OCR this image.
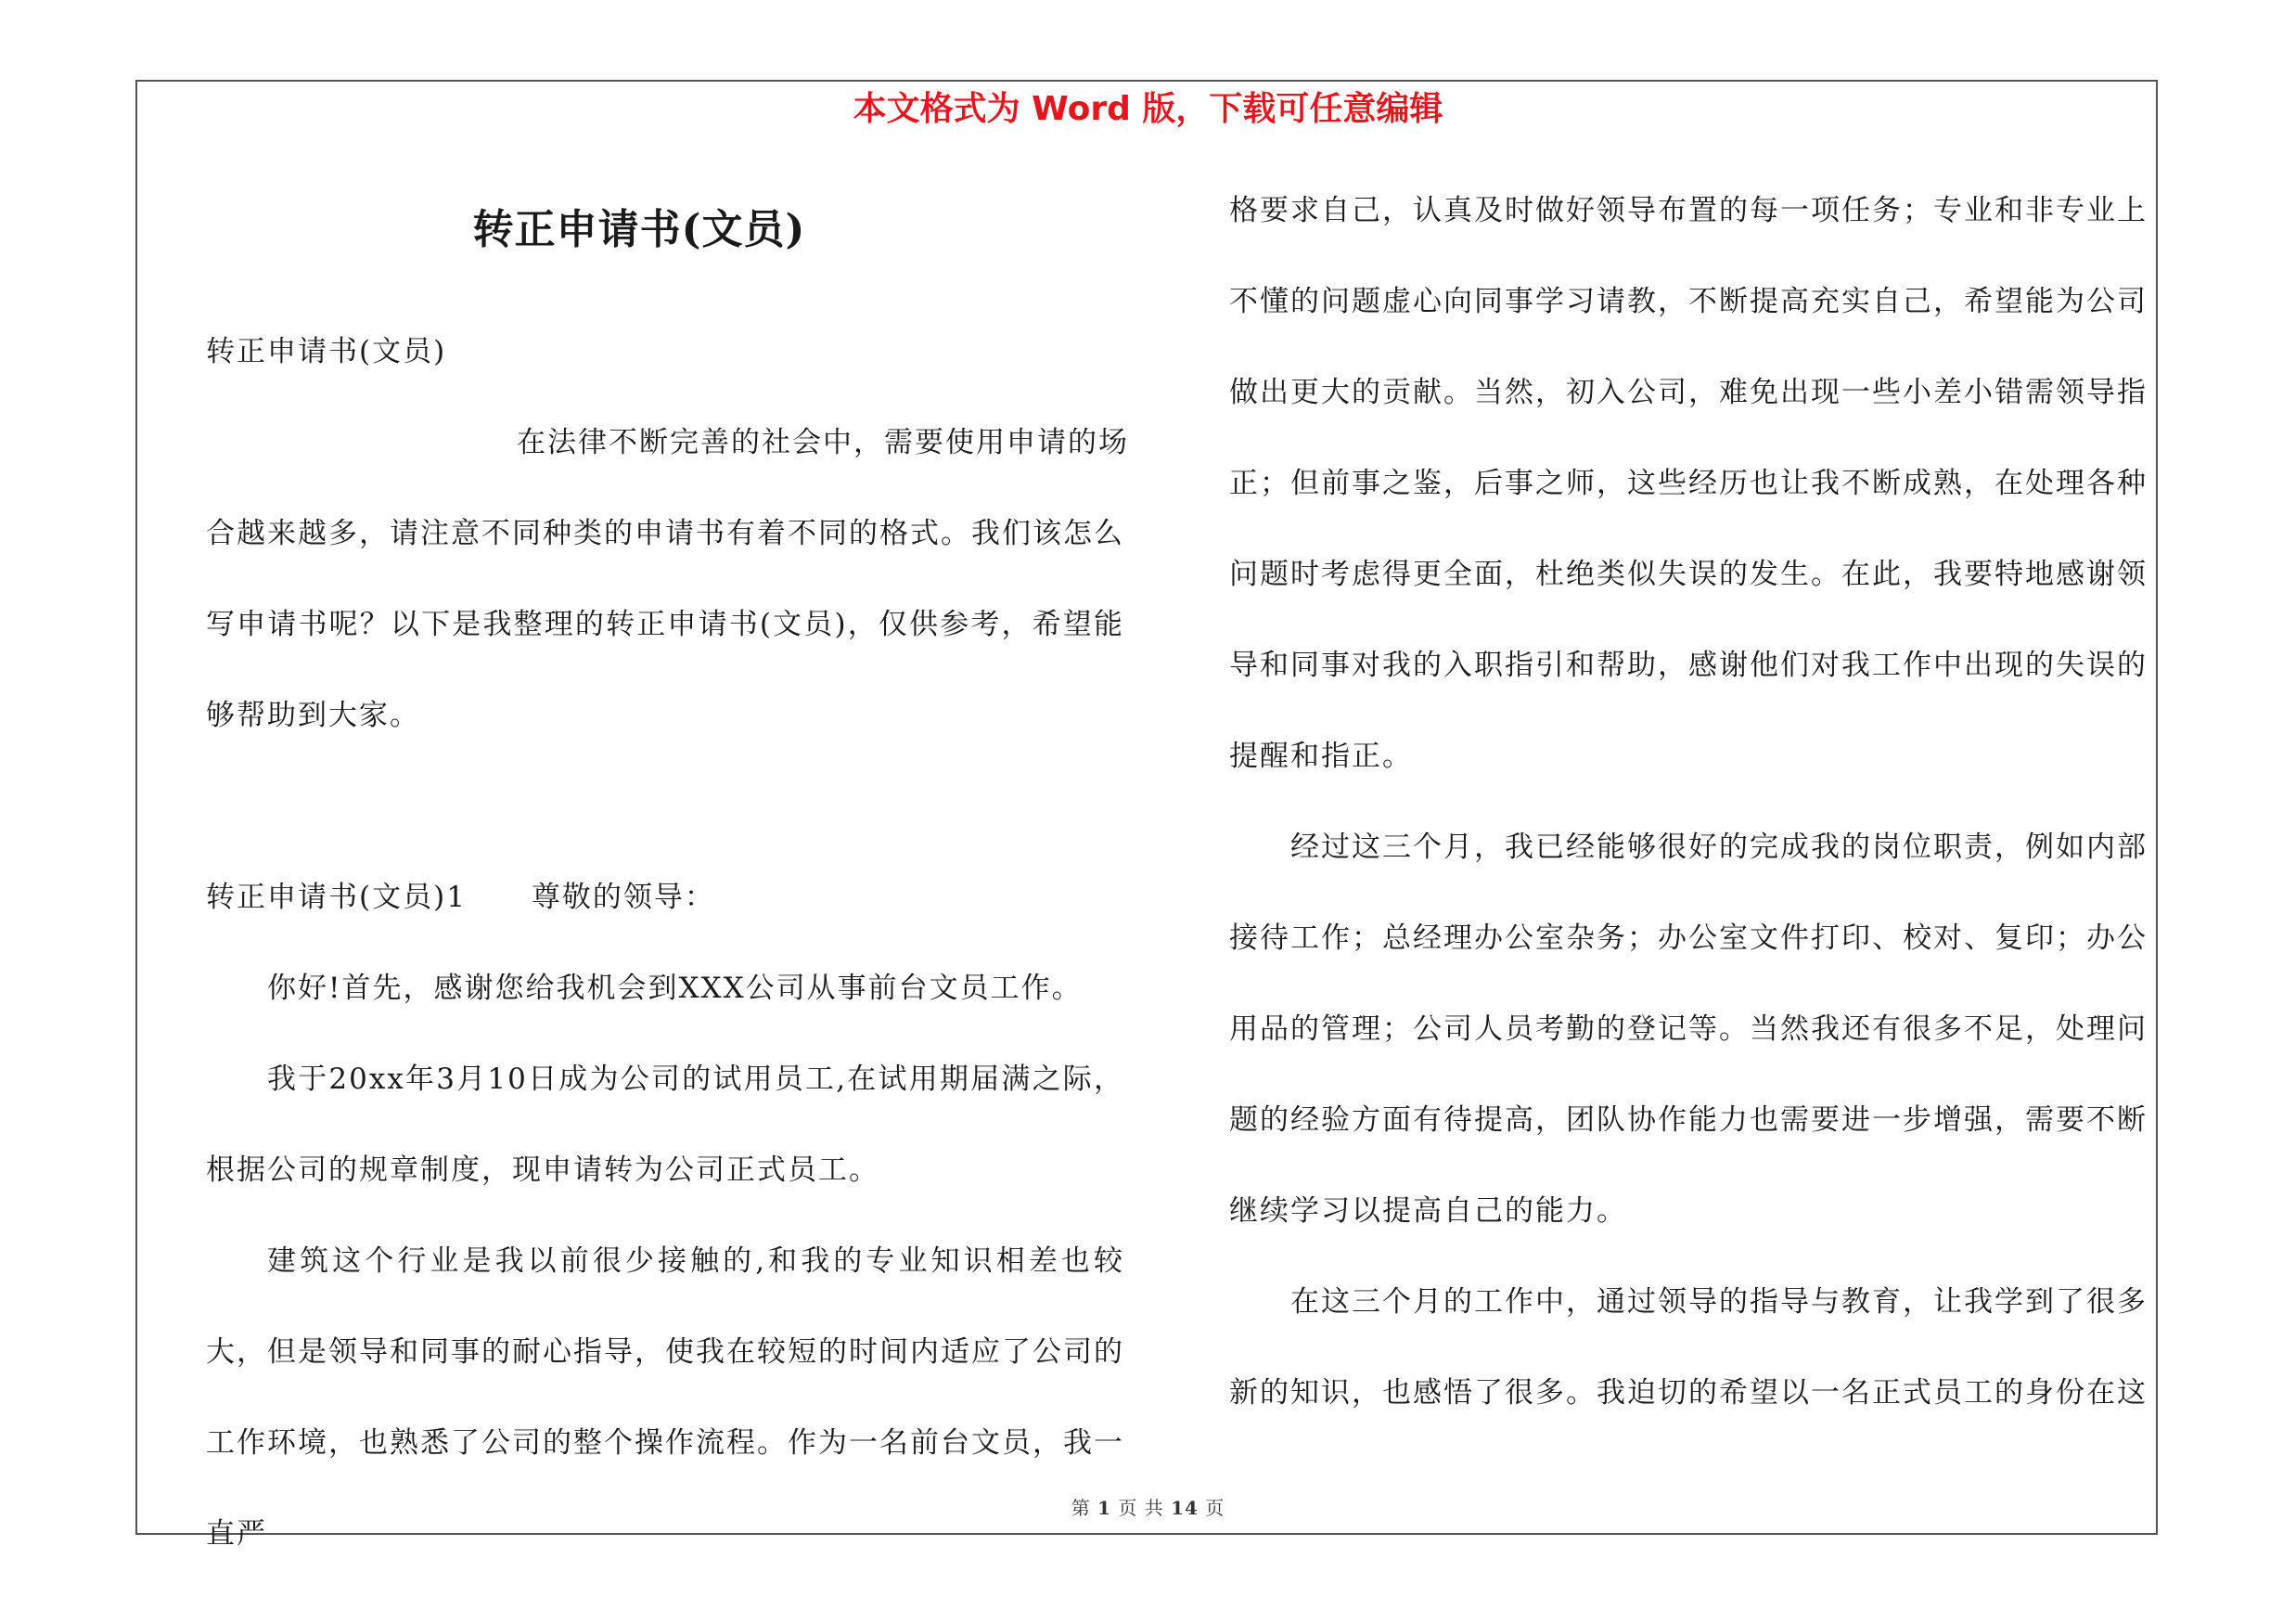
本文格式为 Word 版，下载可任意编辑
转正申请书(文员)

转正申请书(文员)

在法律不断完善的社会中，需要使用申请的场

合越来越多，请注意不同种类的申请书有着不同的格式。我们该怎么写申请书呢？以下是我整理的转正申请书(文员)，仅供参考，希望能够帮助到大家。

转正申请书(文员)1 尊敬的领导：

你好!首先，感谢您给我机会到XXX公司从事前台文员工作。

我于20xx年3月10日成为公司的试用员工,在试用期届满之际，根据公司的规章制度，现申请转为公司正式员工。

建筑这个行业是我以前很少接触的,和我的专业知识相差也较大，但是领导和同事的耐心指导，使我在较短的时间内适应了公司的工作环境，也熟悉了公司的整个操作流程。作为一名前台文员，我一直严

格要求自己，认真及时做好领导布置的每一项任务；专业和非专业上不懂的问题虚心向同事学习请教，不断提高充实自己，希望能为公司做出更大的贡献。当然，初入公司，难免出现一些小差小错需领导指正；但前事之鉴，后事之师，这些经历也让我不断成熟，在处理各种问题时考虑得更全面，杜绝类似失误的发生。在此，我要特地感谢领导和同事对我的入职指引和帮助，感谢他们对我工作中出现的失误的提醒和指正。

经过这三个月，我已经能够很好的完成我的岗位职责，例如内部接待工作；总经理办公室杂务；办公室文件打印、校对、复印；办公用品的管理；公司人员考勤的登记等。当然我还有很多不足，处理问题的经验方面有待提高，团队协作能力也需要进一步增强，需要不断继续学习以提高自己的能力。

在这三个月的工作中，通过领导的指导与教育，让我学到了很多新的知识，也感悟了很多。我迫切的希望以一名正式员工的身份在这

第 1 页 共 14 页
